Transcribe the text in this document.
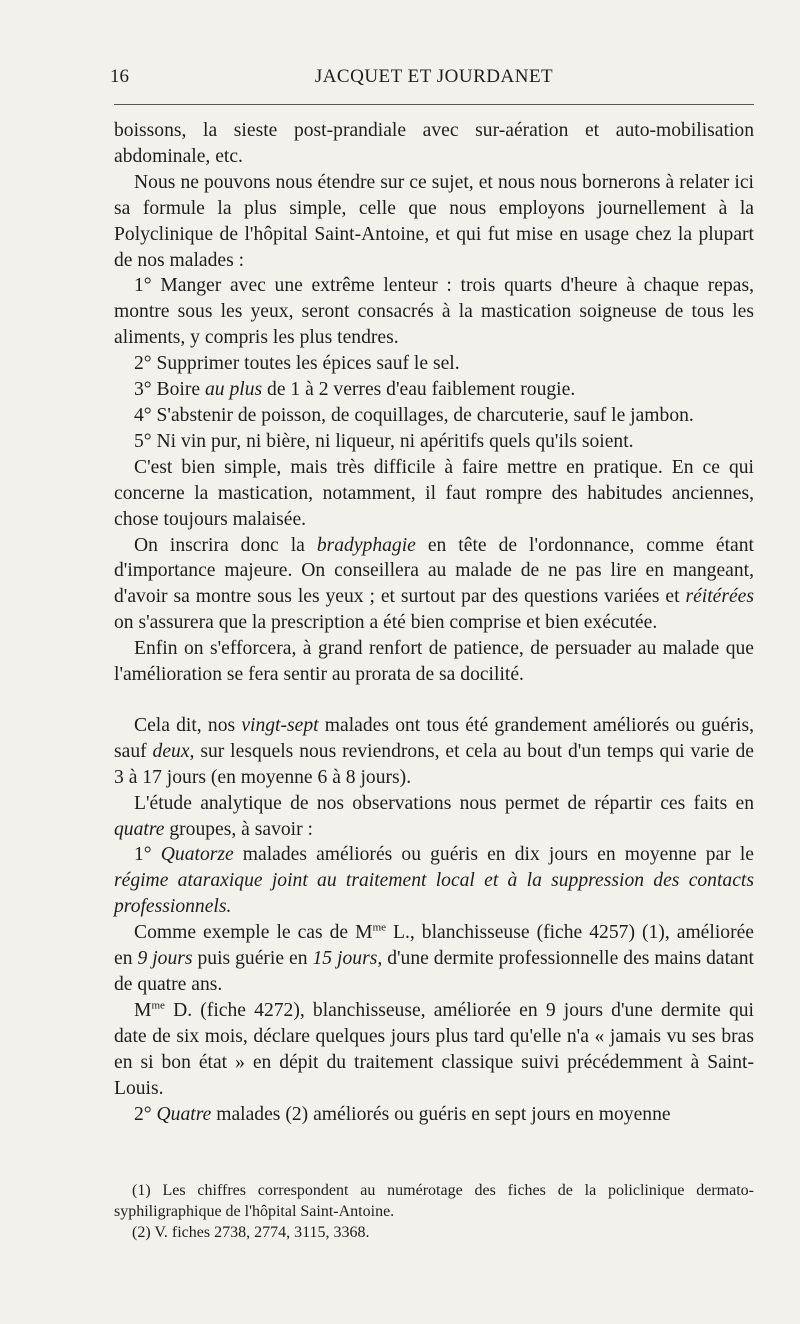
16	JACQUET ET JOURDANET

boissons, la sieste post-prandiale avec sur-aération et auto-mobilisation abdominale, etc.

Nous ne pouvons nous étendre sur ce sujet, et nous nous bornerons à relater ici sa formule la plus simple, celle que nous employons journellement à la Polyclinique de l'hôpital Saint-Antoine, et qui fut mise en usage chez la plupart de nos malades :

1° Manger avec une extrême lenteur : trois quarts d'heure à chaque repas, montre sous les yeux, seront consacrés à la mastication soigneuse de tous les aliments, y compris les plus tendres.

2° Supprimer toutes les épices sauf le sel.

3° Boire au plus de 1 à 2 verres d'eau faiblement rougie.

4° S'abstenir de poisson, de coquillages, de charcuterie, sauf le jambon.

5° Ni vin pur, ni bière, ni liqueur, ni apéritifs quels qu'ils soient.

C'est bien simple, mais très difficile à faire mettre en pratique. En ce qui concerne la mastication, notamment, il faut rompre des habitudes anciennes, chose toujours malaisée.

On inscrira donc la bradyphagie en tête de l'ordonnance, comme étant d'importance majeure. On conseillera au malade de ne pas lire en mangeant, d'avoir sa montre sous les yeux ; et surtout par des questions variées et réitérées on s'assurera que la prescription a été bien comprise et bien exécutée.

Enfin on s'efforcera, à grand renfort de patience, de persuader au malade que l'amélioration se fera sentir au prorata de sa docilité.

Cela dit, nos vingt-sept malades ont tous été grandement améliorés ou guéris, sauf deux, sur lesquels nous reviendrons, et cela au bout d'un temps qui varie de 3 à 17 jours (en moyenne 6 à 8 jours).

L'étude analytique de nos observations nous permet de répartir ces faits en quatre groupes, à savoir :

1° Quatorze malades améliorés ou guéris en dix jours en moyenne par le régime ataraxique joint au traitement local et à la suppression des contacts professionnels.

Comme exemple le cas de $M^{me}$ L., blanchisseuse (fiche 4257) (1), améliorée en 9 jours puis guérie en 15 jours, d'une dermite professionnelle des mains datant de quatre ans.

$M^{me}$ D. (fiche 4272), blanchisseuse, améliorée en 9 jours d'une dermite qui date de six mois, déclare quelques jours plus tard qu'elle n'a « jamais vu ses bras en si bon état » en dépit du traitement classique suivi précédemment à Saint-Louis.

2° Quatre malades (2) améliorés ou guéris en sept jours en moyenne

(1) Les chiffres correspondent au numérotage des fiches de la policlinique dermato-syphiligraphique de l'hôpital Saint-Antoine.

(2) V. fiches 2738, 2774, 3115, 3368.
